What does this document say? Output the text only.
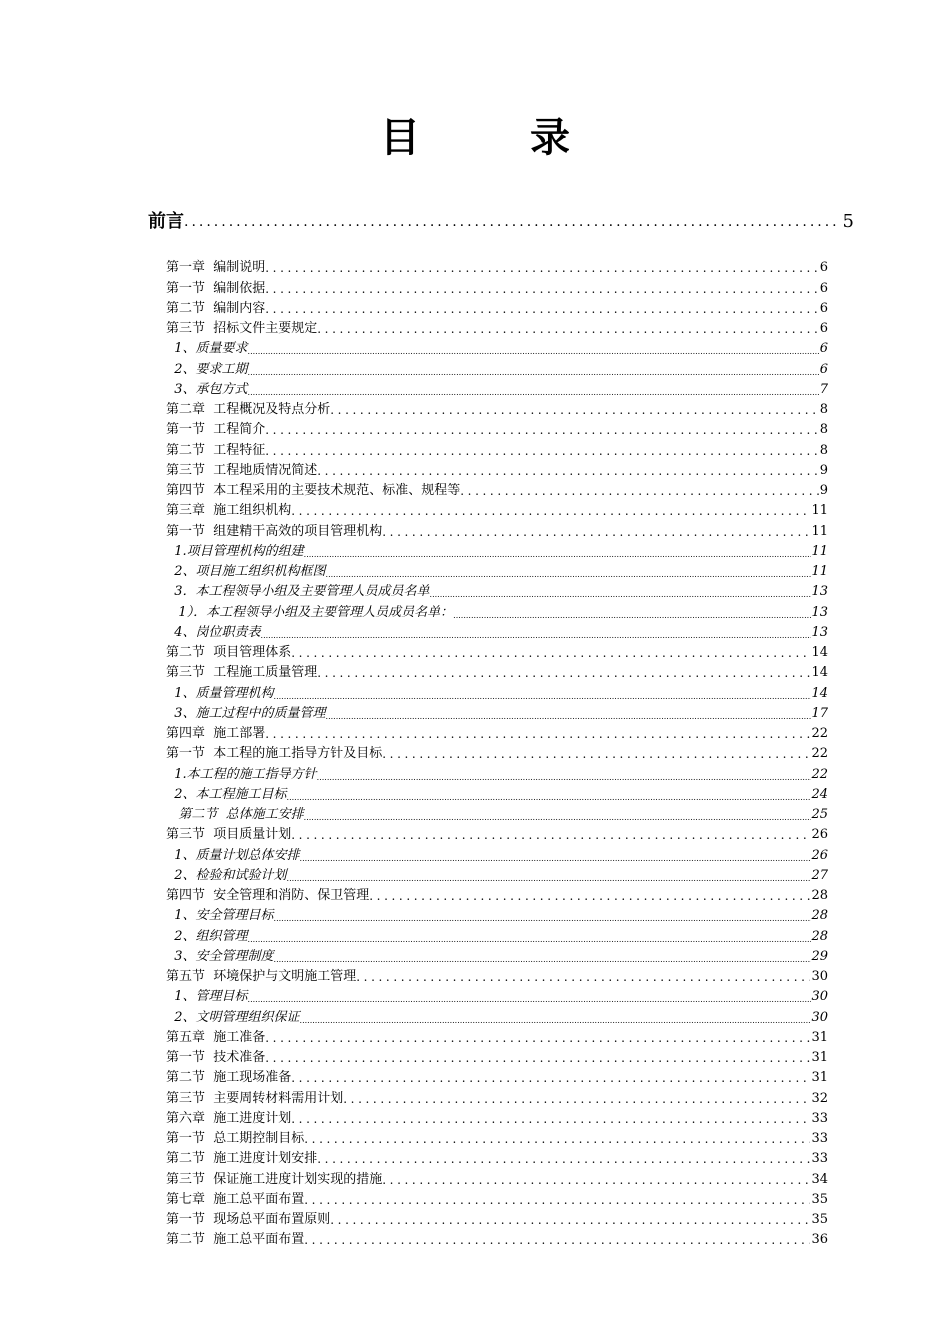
目 录
前言 .....	5
第一章  编制说明 .....	6
第一节  编制依据 .....	6
第二节  编制内容 .....	6
第三节  招标文件主要规定 .....	6
1、质量要求 .....	6
2、要求工期 .....	6
3、承包方式 .....	7
第二章  工程概况及特点分析 .....	8
第一节  工程简介 .....	8
第二节  工程特征 .....	8
第三节  工程地质情况简述 .....	9
第四节  本工程采用的主要技术规范、标准、规程等 .....	9
第三章  施工组织机构 .....	11
第一节  组建精干高效的项目管理机构 .....	11
1.项目管理机构的组建 .....	11
2、项目施工组织机构框图 .....	11
3．本工程领导小组及主要管理人员成员名单 .....	13
1）．本工程领导小组及主要管理人员成员名单： .....	13
4、岗位职责表 .....	13
第二节  项目管理体系 .....	14
第三节  工程施工质量管理 .....	14
1、质量管理机构 .....	14
3、施工过程中的质量管理 .....	17
第四章  施工部署 .....	22
第一节  本工程的施工指导方针及目标 .....	22
1.本工程的施工指导方针 .....	22
2、本工程施工目标 .....	24
第二节  总体施工安排 .....	25
第三节  项目质量计划 .....	26
1、质量计划总体安排 .....	26
2、检验和试验计划 .....	27
第四节  安全管理和消防、保卫管理 .....	28
1、安全管理目标 .....	28
2、组织管理 .....	28
3、安全管理制度 .....	29
第五节  环境保护与文明施工管理 .....	30
1、管理目标 .....	30
2、文明管理组织保证 .....	30
第五章  施工准备 .....	31
第一节  技术准备 .....	31
第二节  施工现场准备 .....	31
第三节  主要周转材料需用计划 .....	32
第六章  施工进度计划 .....	33
第一节  总工期控制目标 .....	33
第二节  施工进度计划安排 .....	33
第三节  保证施工进度计划实现的措施 .....	34
第七章  施工总平面布置 .....	35
第一节  现场总平面布置原则 .....	35
第二节  施工总平面布置 .....	36
